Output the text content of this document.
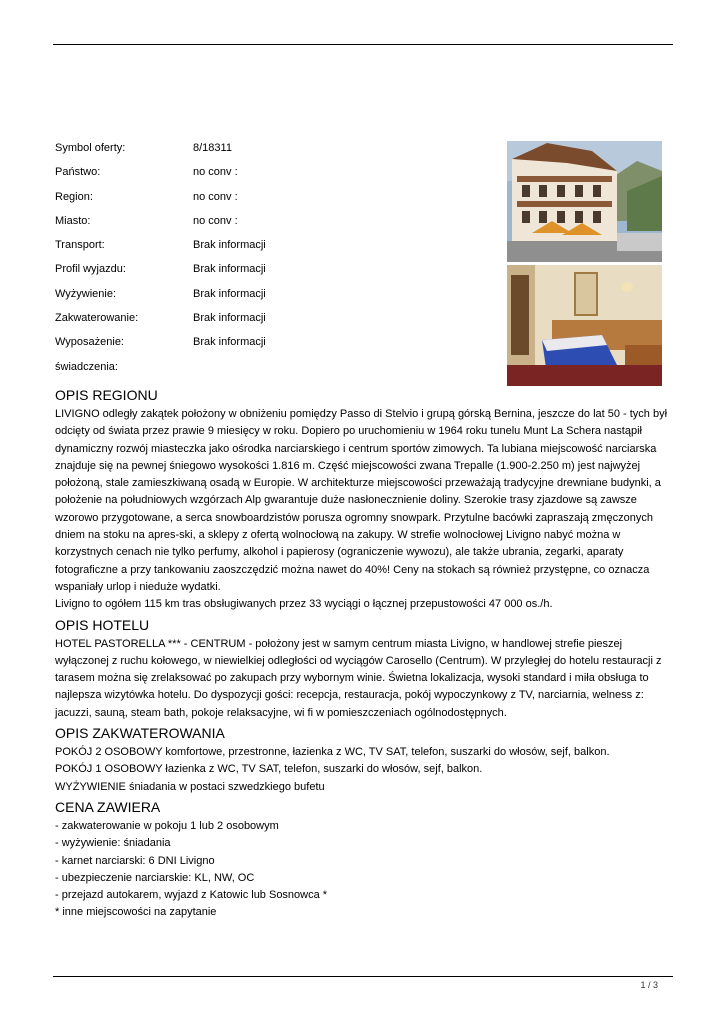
Symbol oferty:	8/18311
Państwo:	no conv :
Region:	no conv :
Miasto:	no conv :
Transport:	Brak informacji
Profil wyjazdu:	Brak informacji
Wyżywienie:	Brak informacji
Zakwaterowanie:	Brak informacji
Wyposażenie:	Brak informacji
świadczenia:
OPIS REGIONU

LIVIGNO odległy zakątek położony w obniżeniu pomiędzy Passo di Stelvio i grupą górską Bernina, jeszcze do lat 50 - tych był odcięty od świata przez prawie 9 miesięcy w roku. Dopiero po uruchomieniu w 1964 roku tunelu Munt La Schera nastąpił dynamiczny rozwój miasteczka jako ośrodka narciarskiego i centrum sportów zimowych. Ta lubiana miejscowość narciarska znajduje się na pewnej śniegowo wysokości 1.816 m. Część miejscowości zwana Trepalle (1.900-2.250 m) jest najwyżej położoną, stale zamieszkiwaną osadą w Europie. W architekturze miejscowości przeważają tradycyjne drewniane budynki, a położenie na południowych wzgórzach Alp gwarantuje duże nasłonecznienie doliny. Szerokie trasy zjazdowe są zawsze wzorowo przygotowane, a serca snowboardzistów porusza ogromny snowpark. Przytulne bacówki zapraszają zmęczonych dniem na stoku na apres-ski, a sklepy z ofertą wolnocłową na zakupy. W strefie wolnocłowej Livigno nabyć można w korzystnych cenach nie tylko perfumy, alkohol i papierosy (ograniczenie wywozu), ale także ubrania, zegarki, aparaty fotograficzne a przy tankowaniu zaoszczędzić można nawet do 40%! Ceny na stokach są również przystępne, co oznacza wspaniały urlop i nieduże wydatki.

Livigno to ogółem 115 km tras obsługiwanych przez 33 wyciągi o łącznej przepustowości 47 000 os./h.

OPIS HOTELU

HOTEL PASTORELLA *** - CENTRUM - położony jest w samym centrum miasta Livigno, w handlowej strefie pieszej wyłączonej z ruchu kołowego, w niewielkiej odległości od wyciągów Carosello (Centrum). W przyległej do hotelu restauracji z tarasem można się zrelaksować po zakupach przy wybornym winie. Świetna lokalizacja, wysoki standard i miła obsługa to najlepsza wizytówka hotelu. Do dyspozycji gości: recepcja, restauracja, pokój wypoczynkowy z TV, narciarnia, welness z: jacuzzi, sauną, steam bath, pokoje relaksacyjne, wi fi w pomieszczeniach ogólnodostępnych.

OPIS ZAKWATEROWANIA
POKÓJ 2 OSOBOWY komfortowe, przestronne, łazienka z WC, TV SAT, telefon, suszarki do włosów, sejf, balkon.
POKÓJ 1 OSOBOWY łazienka z WC, TV SAT, telefon, suszarki do włosów, sejf, balkon.
WYŻYWIENIE śniadania w postaci szwedzkiego bufetu
CENA ZAWIERA
- zakwaterowanie w pokoju 1 lub 2 osobowym
- wyżywienie: śniadania
- karnet narciarski: 6 DNI Livigno
- ubezpieczenie narciarskie: KL, NW, OC
- przejazd autokarem, wyjazd z Katowic lub Sosnowca *
* inne miejscowości na zapytanie
1 / 3
